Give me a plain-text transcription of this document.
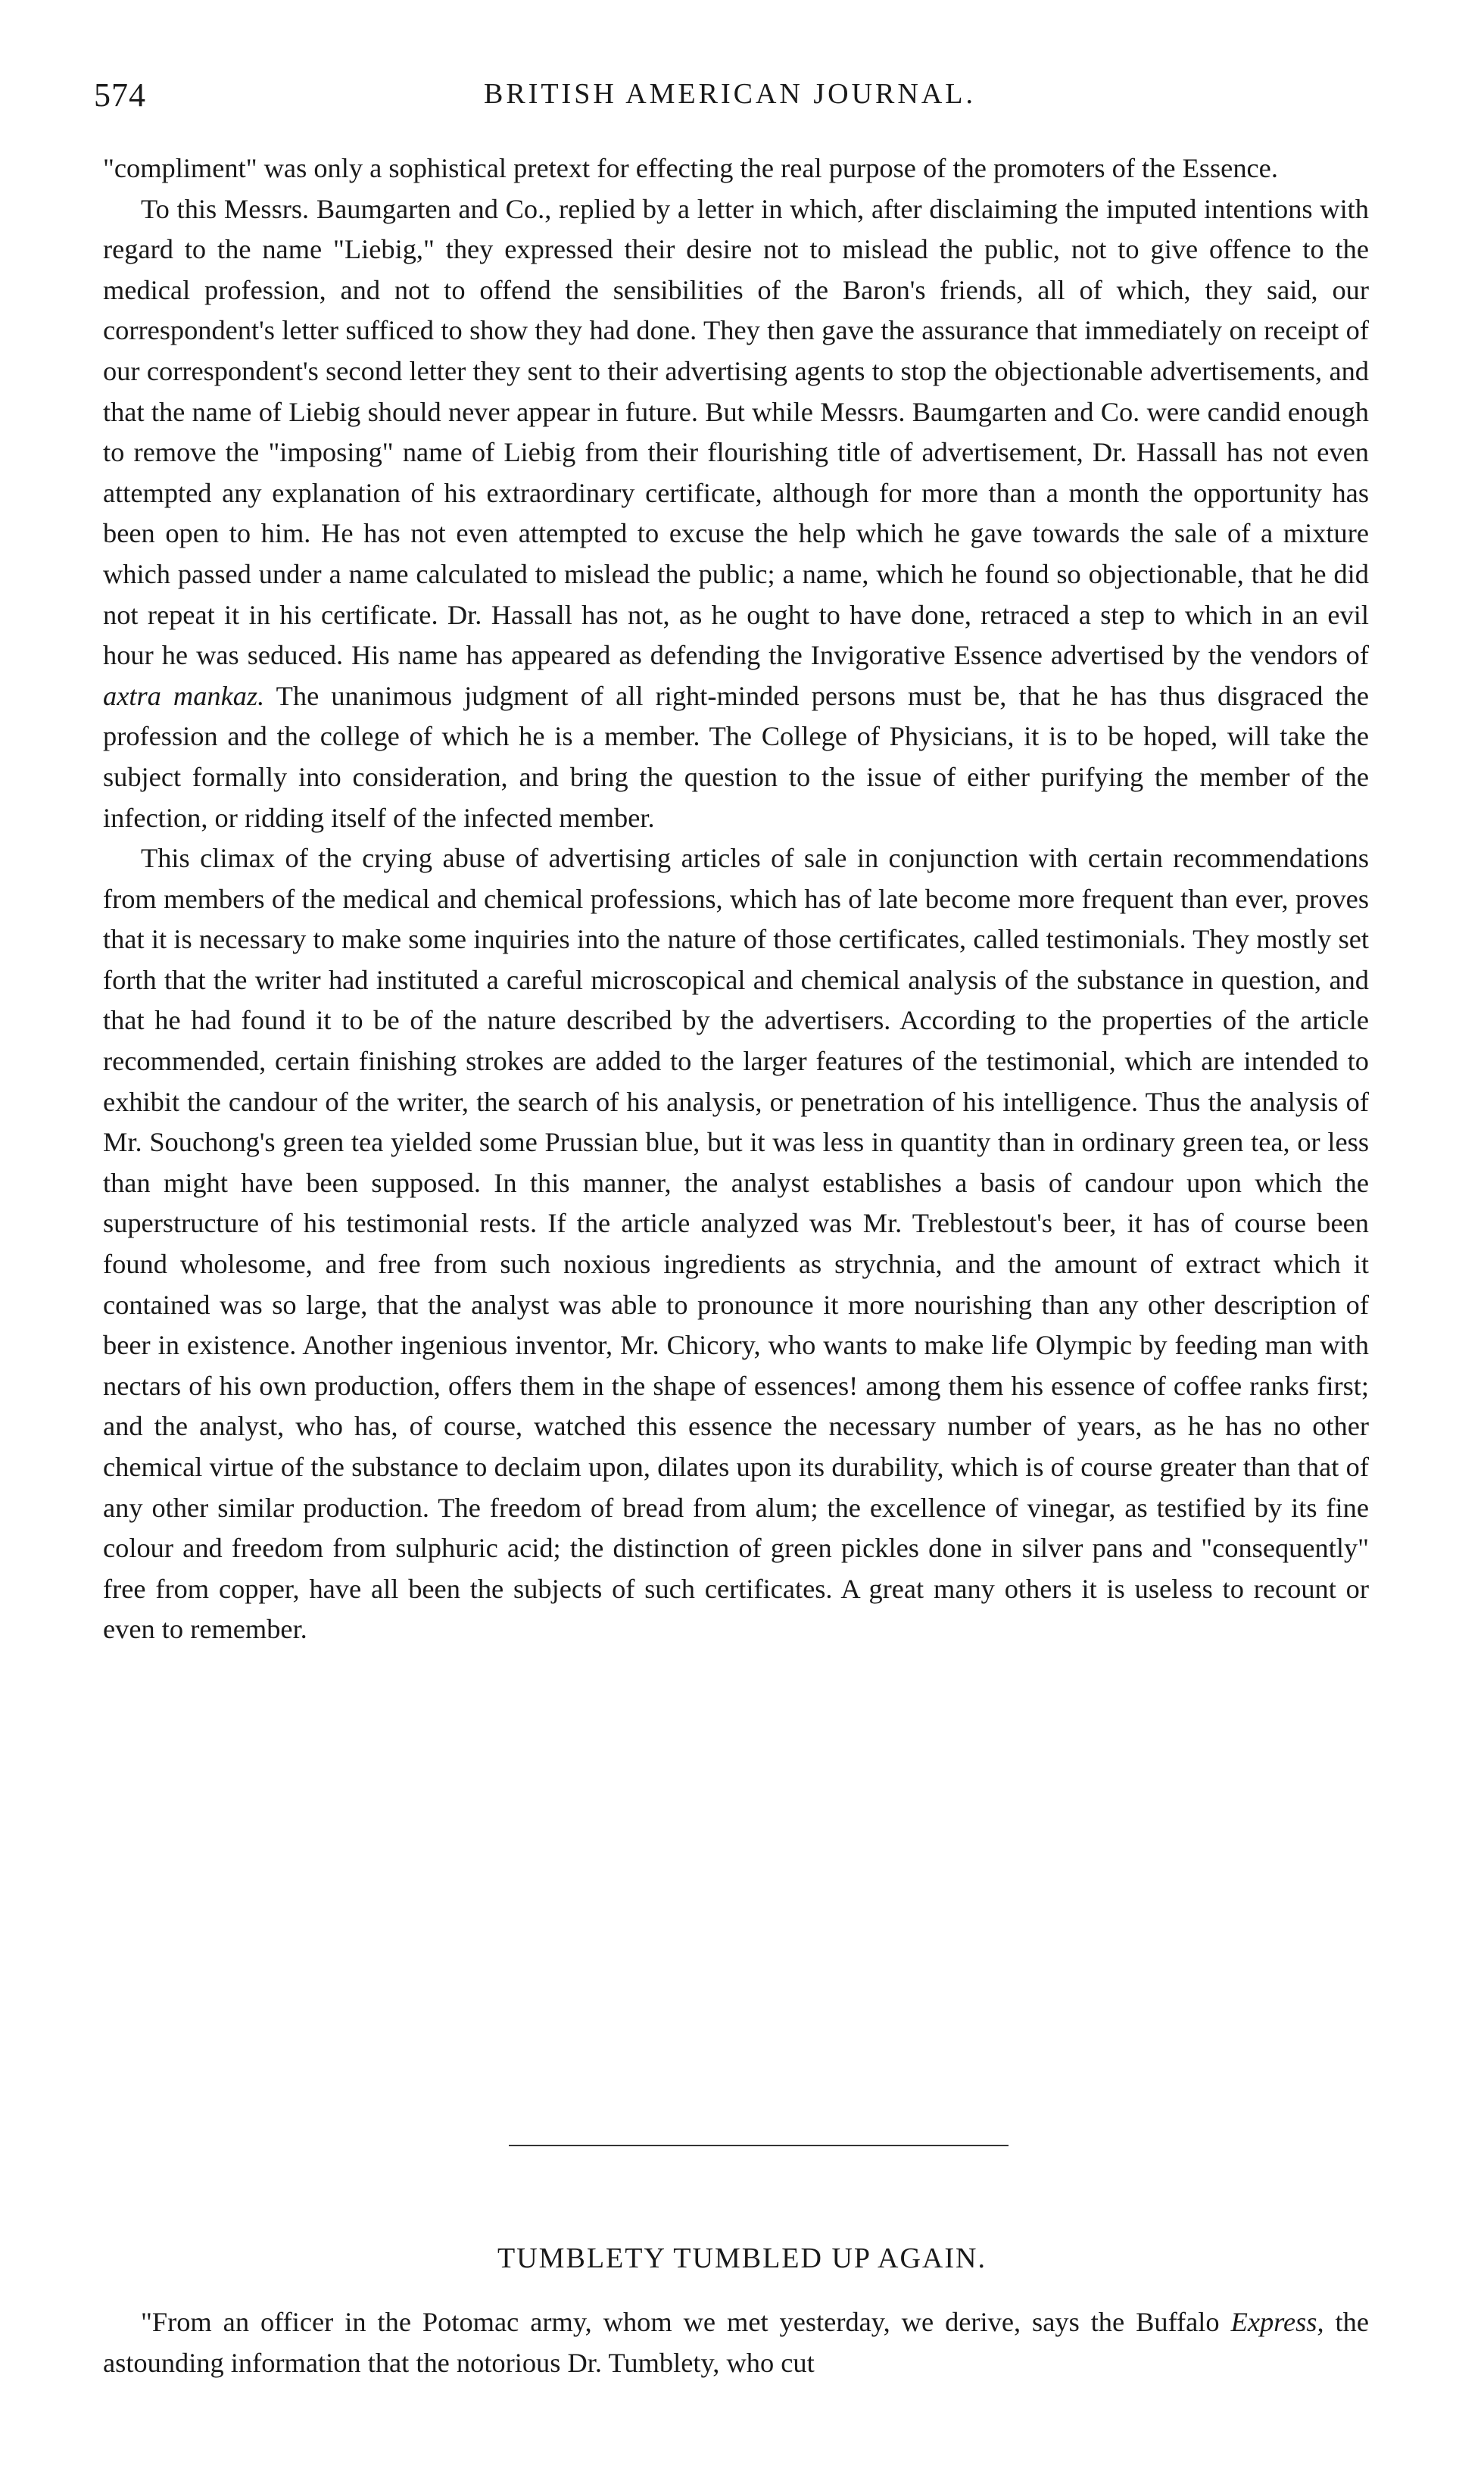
574	BRITISH AMERICAN JOURNAL.

"compliment" was only a sophistical pretext for effecting the real purpose of the promoters of the Essence.

To this Messrs. Baumgarten and Co., replied by a letter in which, after disclaiming the imputed intentions with regard to the name "Liebig," they expressed their desire not to mislead the public, not to give offence to the medical profession, and not to offend the sensibilities of the Baron's friends, all of which, they said, our correspondent's letter sufficed to show they had done. They then gave the assurance that immediately on receipt of our correspondent's second letter they sent to their advertising agents to stop the objectionable advertisements, and that the name of Liebig should never appear in future. But while Messrs. Baumgarten and Co. were candid enough to remove the "imposing" name of Liebig from their flourishing title of advertisement, Dr. Hassall has not even attempted any explanation of his extraordinary certificate, although for more than a month the opportunity has been open to him. He has not even attempted to excuse the help which he gave towards the sale of a mixture which passed under a name calculated to mislead the public; a name, which he found so objectionable, that he did not repeat it in his certificate. Dr. Hassall has not, as he ought to have done, retraced a step to which in an evil hour he was seduced. His name has appeared as defending the Invigorative Essence advertised by the vendors of axtra mankaz. The unanimous judgment of all right-minded persons must be, that he has thus disgraced the profession and the college of which he is a member. The College of Physicians, it is to be hoped, will take the subject formally into consideration, and bring the question to the issue of either purifying the member of the infection, or ridding itself of the infected member.

This climax of the crying abuse of advertising articles of sale in conjunction with certain recommendations from members of the medical and chemical professions, which has of late become more frequent than ever, proves that it is necessary to make some inquiries into the nature of those certificates, called testimonials. They mostly set forth that the writer had instituted a careful microscopical and chemical analysis of the substance in question, and that he had found it to be of the nature described by the advertisers. According to the properties of the article recommended, certain finishing strokes are added to the larger features of the testimonial, which are intended to exhibit the candour of the writer, the search of his analysis, or penetration of his intelligence. Thus the analysis of Mr. Souchong's green tea yielded some Prussian blue, but it was less in quantity than in ordinary green tea, or less than might have been supposed. In this manner, the analyst establishes a basis of candour upon which the superstructure of his testimonial rests. If the article analyzed was Mr. Treblestout's beer, it has of course been found wholesome, and free from such noxious ingredients as strychnia, and the amount of extract which it contained was so large, that the analyst was able to pronounce it more nourishing than any other description of beer in existence. Another ingenious inventor, Mr. Chicory, who wants to make life Olympic by feeding man with nectars of his own production, offers them in the shape of essences! among them his essence of coffee ranks first; and the analyst, who has, of course, watched this essence the necessary number of years, as he has no other chemical virtue of the substance to declaim upon, dilates upon its durability, which is of course greater than that of any other similar production. The freedom of bread from alum; the excellence of vinegar, as testified by its fine colour and freedom from sulphuric acid; the distinction of green pickles done in silver pans and "consequently" free from copper, have all been the subjects of such certificates. A great many others it is useless to recount or even to remember.

TUMBLETY TUMBLED UP AGAIN.

"From an officer in the Potomac army, whom we met yesterday, we derive, says the Buffalo Express, the astounding information that the notorious Dr. Tumblety, who cut
